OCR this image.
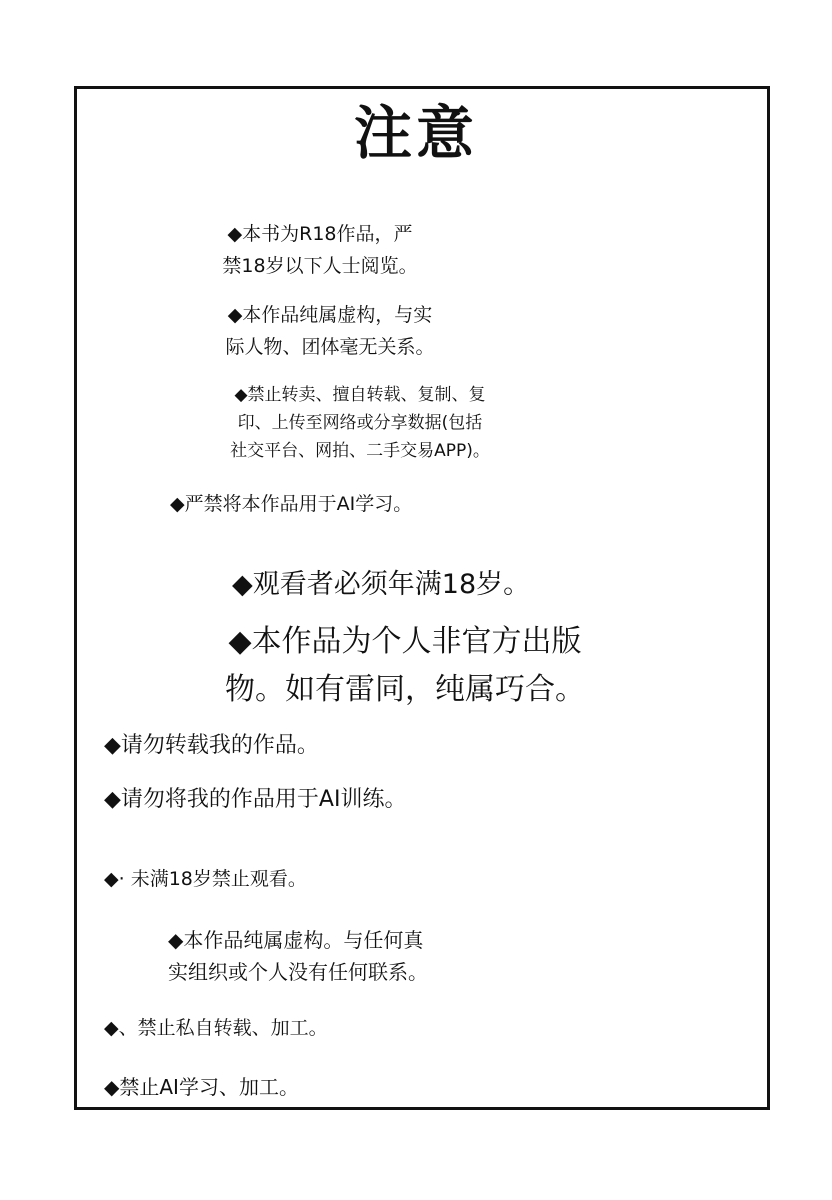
注意
◆本书为R18作品，严
禁18岁以下人士阅览。
◆本作品纯属虚构，与实
际人物、团体毫无关系。
◆禁止转卖、擅自转载、复制、复
印、上传至网络或分享数据(包括
社交平台、网拍、二手交易APP)。
◆严禁将本作品用于AI学习。
◆观看者必须年满18岁。
◆本作品为个人非官方出版
物。如有雷同，纯属巧合。
◆请勿转载我的作品。
◆请勿将我的作品用于AI训练。
◆· 未满18岁禁止观看。
◆本作品纯属虚构。与任何真
实组织或个人没有任何联系。
◆、禁止私自转载、加工。
◆禁止AI学习、加工。
